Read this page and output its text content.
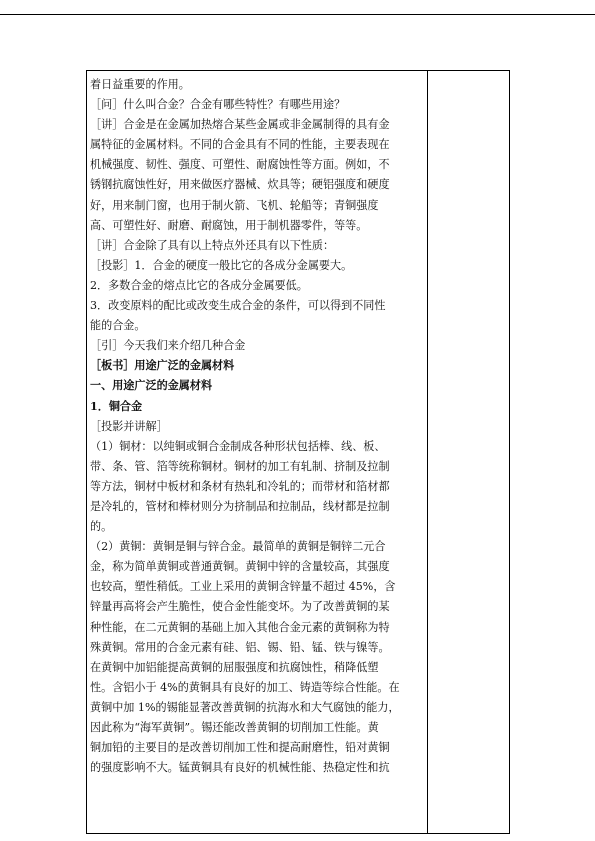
着日益重要的作用。
［问］什么叫合金？合金有哪些特性？有哪些用途？
［讲］合金是在金属加热熔合某些金属或非金属制得的具有金
属特征的金属材料。不同的合金具有不同的性能，主要表现在
机械强度、韧性、强度、可塑性、耐腐蚀性等方面。例如，不
锈钢抗腐蚀性好，用来做医疗器械、炊具等；硬铝强度和硬度
好，用来制门窗，也用于制火箭、飞机、轮船等；青铜强度
高、可塑性好、耐磨、耐腐蚀，用于制机器零件，等等。
［讲］合金除了具有以上特点外还具有以下性质：
［投影］1．合金的硬度一般比它的各成分金属要大。
2．多数合金的熔点比它的各成分金属要低。
3．改变原料的配比或改变生成合金的条件，可以得到不同性
能的合金。
［引］今天我们来介绍几种合金
［板书］用途广泛的金属材料
一、用途广泛的金属材料
1．铜合金
［投影并讲解］
（1）铜材：以纯铜或铜合金制成各种形状包括棒、线、板、
带、条、管、箔等统称铜材。铜材的加工有轧制、挤制及拉制
等方法，铜材中板材和条材有热轧和冷轧的；而带材和箔材都
是冷轧的，管材和棒材则分为挤制品和拉制品，线材都是拉制
的。
（2）黄铜：黄铜是铜与锌合金。最简单的黄铜是铜锌二元合
金，称为简单黄铜或普通黄铜。黄铜中锌的含量较高，其强度
也较高，塑性稍低。工业上采用的黄铜含锌量不超过 45%，含
锌量再高将会产生脆性，使合金性能变坏。为了改善黄铜的某
种性能，在二元黄铜的基础上加入其他合金元素的黄铜称为特
殊黄铜。常用的合金元素有硅、铝、锡、铅、锰、铁与镍等。
在黄铜中加铝能提高黄铜的屈服强度和抗腐蚀性，稍降低塑
性。含铝小于 4%的黄铜具有良好的加工、铸造等综合性能。在
黄铜中加 1%的锡能显著改善黄铜的抗海水和大气腐蚀的能力，
因此称为“海军黄铜”。锡还能改善黄铜的切削加工性能。黄
铜加铅的主要目的是改善切削加工性和提高耐磨性，铅对黄铜
的强度影响不大。锰黄铜具有良好的机械性能、热稳定性和抗
